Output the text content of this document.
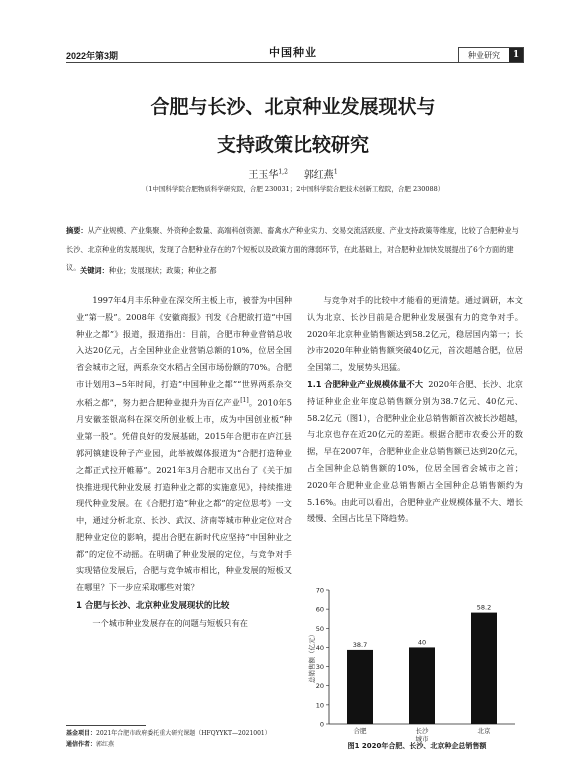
2022年第3期	中国种业	种业研究	1
合肥与长沙、北京种业发展现状与
支持政策比较研究
王玉华$^{1,2}$ 郭红燕$^1$
（1中国科学院合肥物质科学研究院，合肥 230031；2中国科学院合肥技术创新工程院，合肥 230088）
摘要：从产业规模、产业集聚、外资种企数量、高端科创资源、畜禽水产种业实力、交易交流活跃度、产业支持政策等维度，比较了合肥种业与长沙、北京种业的发展现状，发现了合肥种业存在的7个短板以及政策方面的薄弱环节，在此基础上，对合肥种业加快发展提出了6个方面的建议。 关键词：种业；发展现状；政策；种业之都

1997年4月丰乐种业在深交所主板上市，被誉为中国种业“第一股”。2008年《安徽商报》刊发《合肥欲打造“中国种业之都”》报道，报道指出：目前，合肥市种业营销总收入达20亿元，占全国种业企业营销总额的10%，位居全国省会城市之冠，两系杂交水稻占全国市场份额的70%。合肥市计划用3~5年时间，打造“中国种业之都”“世界两系杂交水稻之都”，努力把合肥种业提升为百亿产业[1]。2010年5月安徽荃银高科在深交所创业板上市，成为中国创业板“种业第一股”。凭借良好的发展基础，2015年合肥市在庐江县郭河镇建设种子产业园，此举被媒体报道为“合肥打造种业之都正式拉开帷幕”。2021年3月合肥市又出台了《关于加快推进现代种业发展 打造种业之都的实施意见》，持续推进现代种业发展。在《合肥打造“种业之都”的定位思考》一文中，通过分析北京、长沙、武汉、济南等城市种业定位对合肥种业定位的影响，提出合肥在新时代应坚持“中国种业之都”的定位不动摇。在明确了种业发展的定位，与竞争对手实现错位发展后，合肥与竞争城市相比，种业发展的短板又在哪里？下一步应采取哪些对策？

1 合肥与长沙、北京种业发展现状的比较

一个城市种业发展存在的问题与短板只有在

与竞争对手的比较中才能看的更清楚。通过调研，本文认为北京、长沙目前是合肥种业发展强有力的竞争对手。2020年北京种业销售额达到58.2亿元，稳居国内第一；长沙市2020年种业销售额突破40亿元，首次超越合肥，位居全国第二，发展势头迅猛。

1.1 合肥种业产业规模体量不大 2020年合肥、长沙、北京持证种业企业年度总销售额分别为38.7亿元、40亿元、58.2亿元（图1），合肥种业企业总销售额首次被长沙超越，与北京也存在近20亿元的差距。根据合肥市农委公开的数据，早在2007年，合肥种业企业总销售额已达到20亿元，占全国种企总销售额的10%，位居全国省会城市之首；2020年合肥种业企业总销售额占全国种企总销售额约为5.16%。由此可以看出，合肥种业产业规模体量不大、增长缓慢、全国占比呈下降趋势。

0
10
20
30
40
50
60
70
38.7
合肥
40
长沙
58.2
北京
城市
总销售额（亿元）
图1 2020年合肥、长沙、北京种企总销售额
基金项目：2021年合肥市政府委托重大研究课题（HFQYYKT—2021001）
通信作者：郭红燕
